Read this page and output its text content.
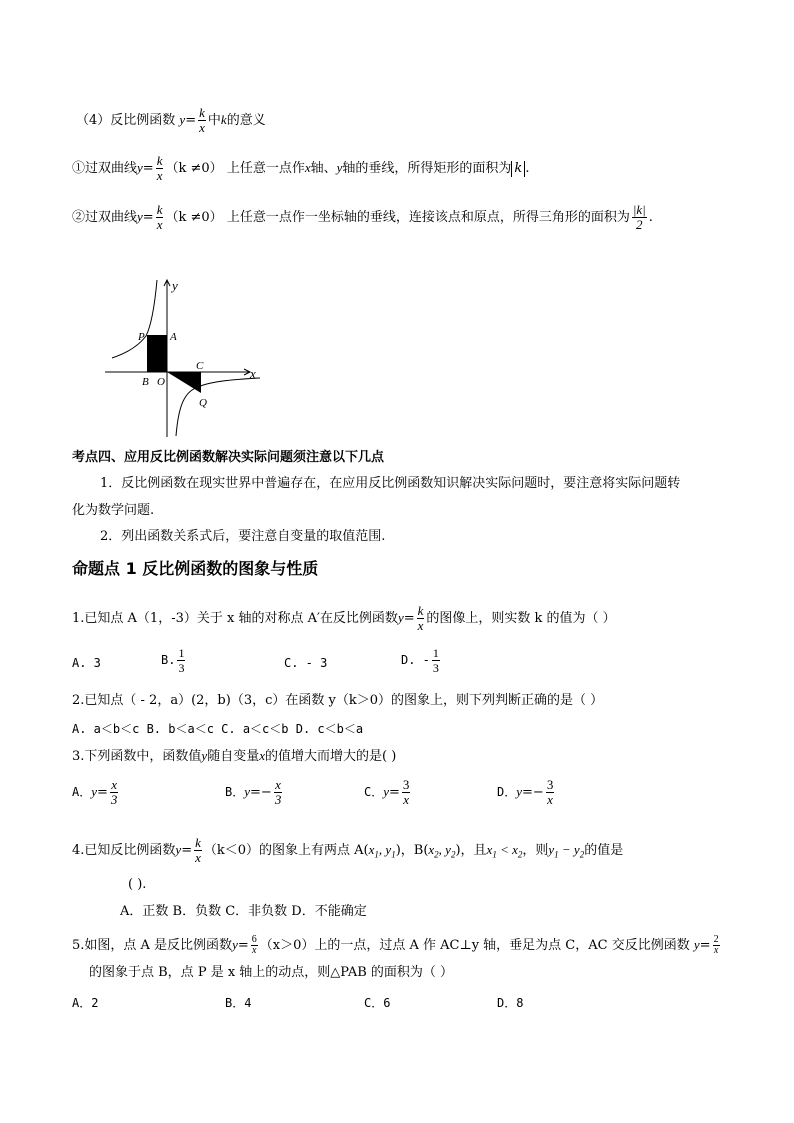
（4）反比例函数 $y= \frac{k}{x}$ 中k的意义
①过双曲线$y= \frac{k}{x} (k \ne 0)$ 上任意一点作x轴、y轴的垂线，所得矩形的面积为 k .
②过双曲线$y= \frac{k}{x} (k \ne 0)$ 上任意一点作一坐标轴的垂线，连接该点和原点，所得三角形的面积为 $\frac{|k|}{2}$ .
y
x
P A
B O
C
Q
考点四、应用反比例函数解决实际问题须注意以下几点
1．反比例函数在现实世界中普遍存在，在应用反比例函数知识解决实际问题时，要注意将实际问题转
化为数学问题.
2．列出函数关系式后，要注意自变量的取值范围.
命题点 1 反比例函数的图象与性质
1.已知点 A（1，-3）关于 x 轴的对称点 A′在反比例函数$y= \frac{k}{x}$ 的图像上，则实数 k 的值为（ ）
A. 3	B. $\frac{1}{3}$	C. - 3	D. - $\frac{1}{3}$
2.已知点（ - 2，a）(2，b)（3，c）在函数 y（k＞0）的图象上，则下列判断正确的是（ ）
A. a＜b＜c B. b＜a＜c C. a＜c＜b D. c＜b＜a
3.下列函数中，函数值y随自变量x的值增大而增大的是( )
A．$y= \frac{x}{3}$	B．$y=- \frac{x}{3}$	C．$y= \frac{3}{x}$	D．$y=- \frac{3}{x}$
4.已知反比例函数$y= \frac{k}{x} (k<0)$的图象上有两点 $A(x_1$, $y_1$)，$B(x_2$, $y_2$)，且$x_1 < x_2$，则$y_1 - y_2$的值是
( ).
A．正数 B．负数 C．非负数 D．不能确定
5.如图，点 A 是反比例函数$y= \frac{6}{x} (x>0)$上的一点，过点 A 作 AC⊥y 轴，垂足为点 C，AC 交反比例函数 $y= \frac{2}{x}$
的图象于点 B，点 P 是 x 轴上的动点，则△PAB 的面积为（ ）
A．2	B．4	C．6	D．8
